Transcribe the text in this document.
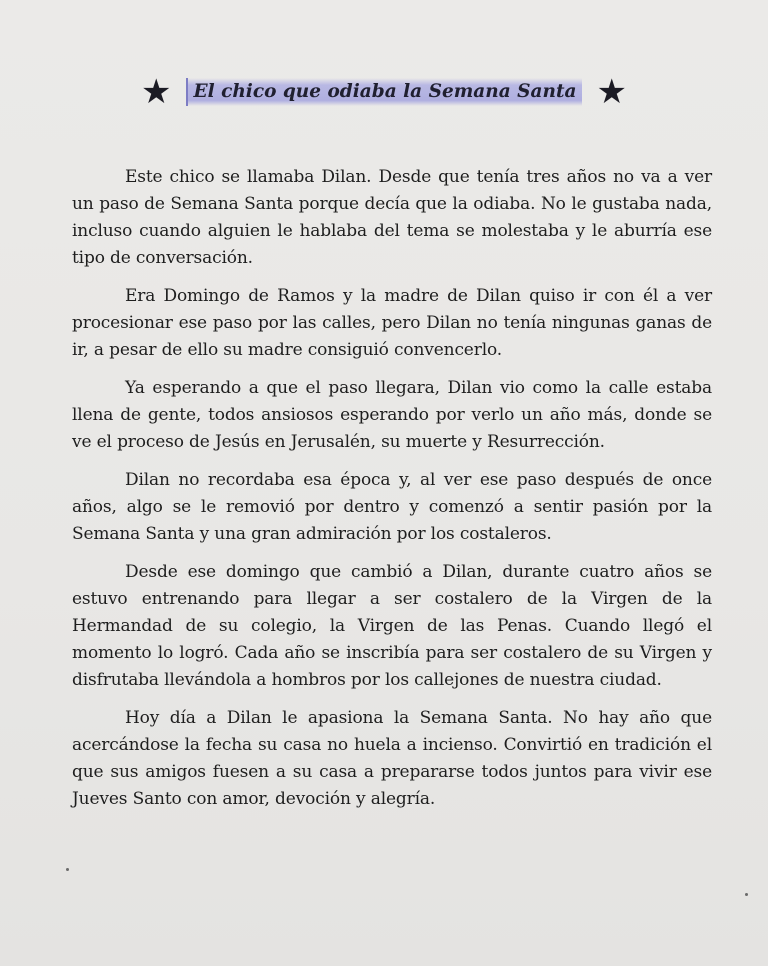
★	El chico que odiaba la Semana Santa ★

Este chico se llamaba Dilan. Desde que tenía tres años no va a ver un paso de Semana Santa porque decía que la odiaba. No le gustaba nada, incluso cuando alguien le hablaba del tema se molestaba y le aburría ese tipo de conversación.

Era Domingo de Ramos y la madre de Dilan quiso ir con él a ver procesionar ese paso por las calles, pero Dilan no tenía ningunas ganas de ir, a pesar de ello su madre consiguió convencerlo.

Ya esperando a que el paso llegara, Dilan vio como la calle estaba llena de gente, todos ansiosos esperando por verlo un año más, donde se ve el proceso de Jesús en Jerusalén, su muerte y Resurrección.

Dilan no recordaba esa época y, al ver ese paso después de once años, algo se le removió por dentro y comenzó a sentir pasión por la Semana Santa y una gran admiración por los costaleros.

Desde ese domingo que cambió a Dilan, durante cuatro años se estuvo entrenando para llegar a ser costalero de la Virgen de la Hermandad de su colegio, la Virgen de las Penas. Cuando llegó el momento lo logró. Cada año se inscribía para ser costalero de su Virgen y disfrutaba llevándola a hombros por los callejones de nuestra ciudad.

Hoy día a Dilan le apasiona la Semana Santa. No hay año que acercándose la fecha su casa no huela a incienso. Convirtió en tradición el que sus amigos fuesen a su casa a prepararse todos juntos para vivir ese Jueves Santo con amor, devoción y alegría.
